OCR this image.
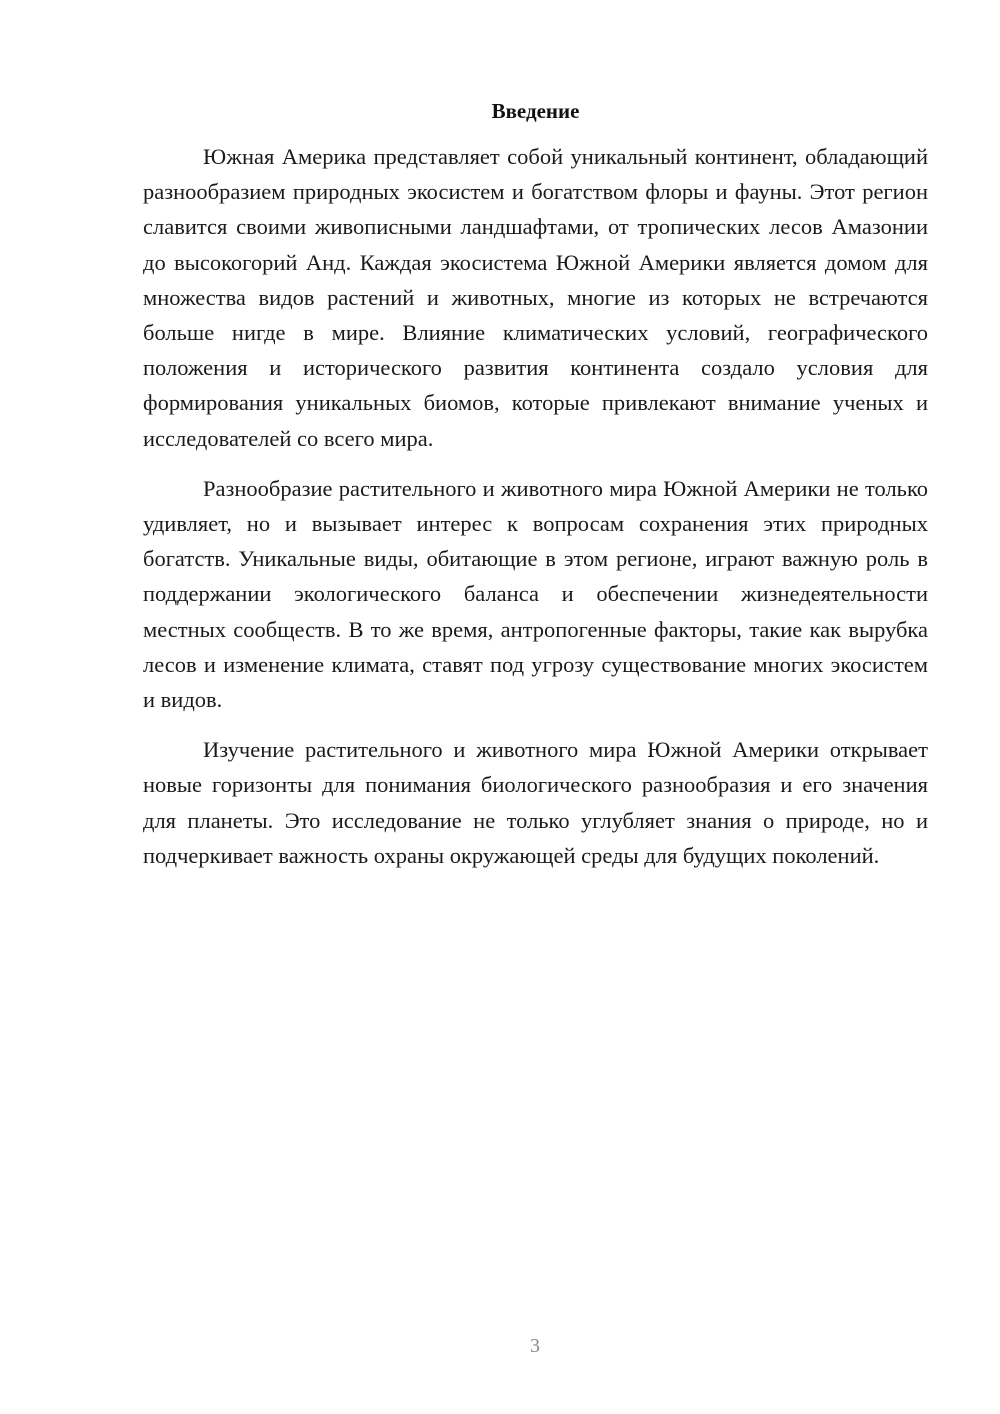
Введение

Южная Америка представляет собой уникальный континент, обладающий разнообразием природных экосистем и богатством флоры и фауны. Этот регион славится своими живописными ландшафтами, от тропических лесов Амазонии до высокогорий Анд. Каждая экосистема Южной Америки является домом для множества видов растений и животных, многие из которых не встречаются больше нигде в мире. Влияние климатических условий, географического положения и исторического развития континента создало условия для формирования уникальных биомов, которые привлекают внимание ученых и исследователей со всего мира.

Разнообразие растительного и животного мира Южной Америки не только удивляет, но и вызывает интерес к вопросам сохранения этих природных богатств. Уникальные виды, обитающие в этом регионе, играют важную роль в поддержании экологического баланса и обеспечении жизнедеятельности местных сообществ. В то же время, антропогенные факторы, такие как вырубка лесов и изменение климата, ставят под угрозу существование многих экосистем и видов.

Изучение растительного и животного мира Южной Америки открывает новые горизонты для понимания биологического разнообразия и его значения для планеты. Это исследование не только углубляет знания о природе, но и подчеркивает важность охраны окружающей среды для будущих поколений.

3
